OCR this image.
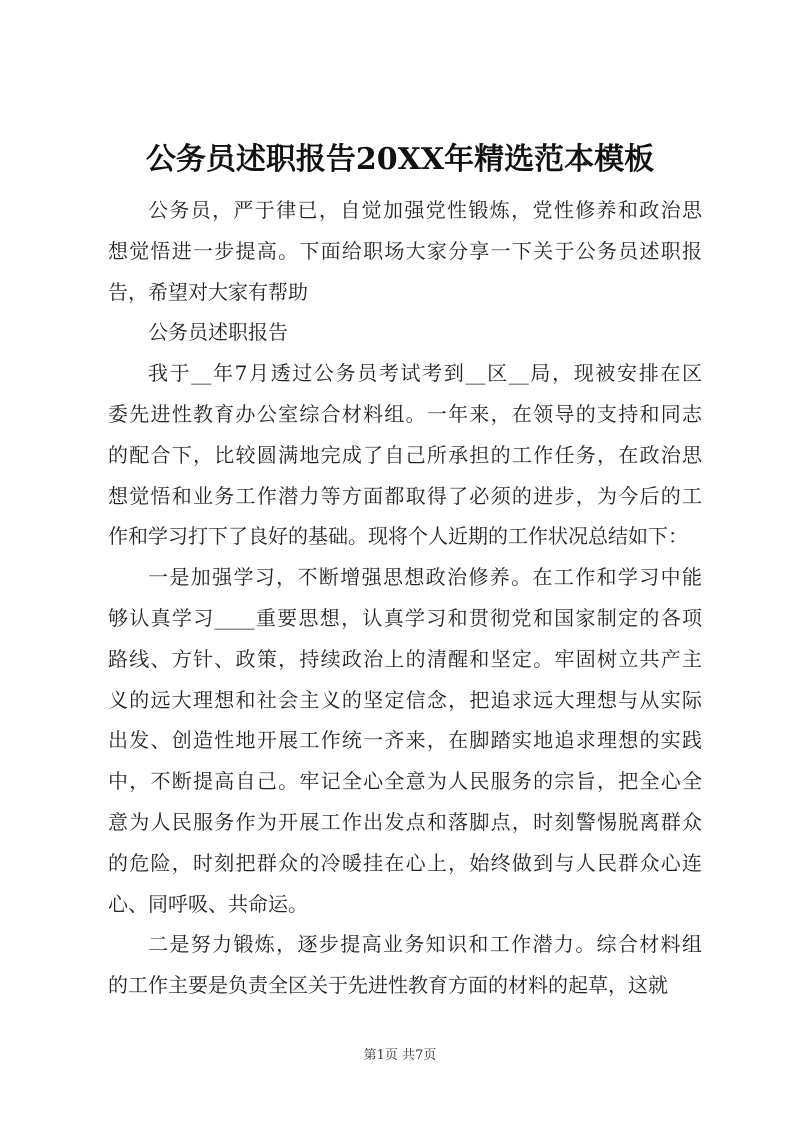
公务员述职报告20XX年精选范本模板
公务员，严于律已，自觉加强党性锻炼，党性修养和政治思
想觉悟进一步提高。下面给职场大家分享一下关于公务员述职报
告，希望对大家有帮助
公务员述职报告
我于__年7月透过公务员考试考到__区__局，现被安排在区
委先进性教育办公室综合材料组。一年来，在领导的支持和同志
的配合下，比较圆满地完成了自己所承担的工作任务，在政治思
想觉悟和业务工作潜力等方面都取得了必须的进步，为今后的工
作和学习打下了良好的基础。现将个人近期的工作状况总结如下：
一是加强学习，不断增强思想政治修养。在工作和学习中能
够认真学习____重要思想，认真学习和贯彻党和国家制定的各项
路线、方针、政策，持续政治上的清醒和坚定。牢固树立共产主
义的远大理想和社会主义的坚定信念，把追求远大理想与从实际
出发、创造性地开展工作统一齐来，在脚踏实地追求理想的实践
中，不断提高自己。牢记全心全意为人民服务的宗旨，把全心全
意为人民服务作为开展工作出发点和落脚点，时刻警惕脱离群众
的危险，时刻把群众的冷暖挂在心上，始终做到与人民群众心连
心、同呼吸、共命运。
二是努力锻炼，逐步提高业务知识和工作潜力。综合材料组
的工作主要是负责全区关于先进性教育方面的材料的起草，这就
第1页 共7页
